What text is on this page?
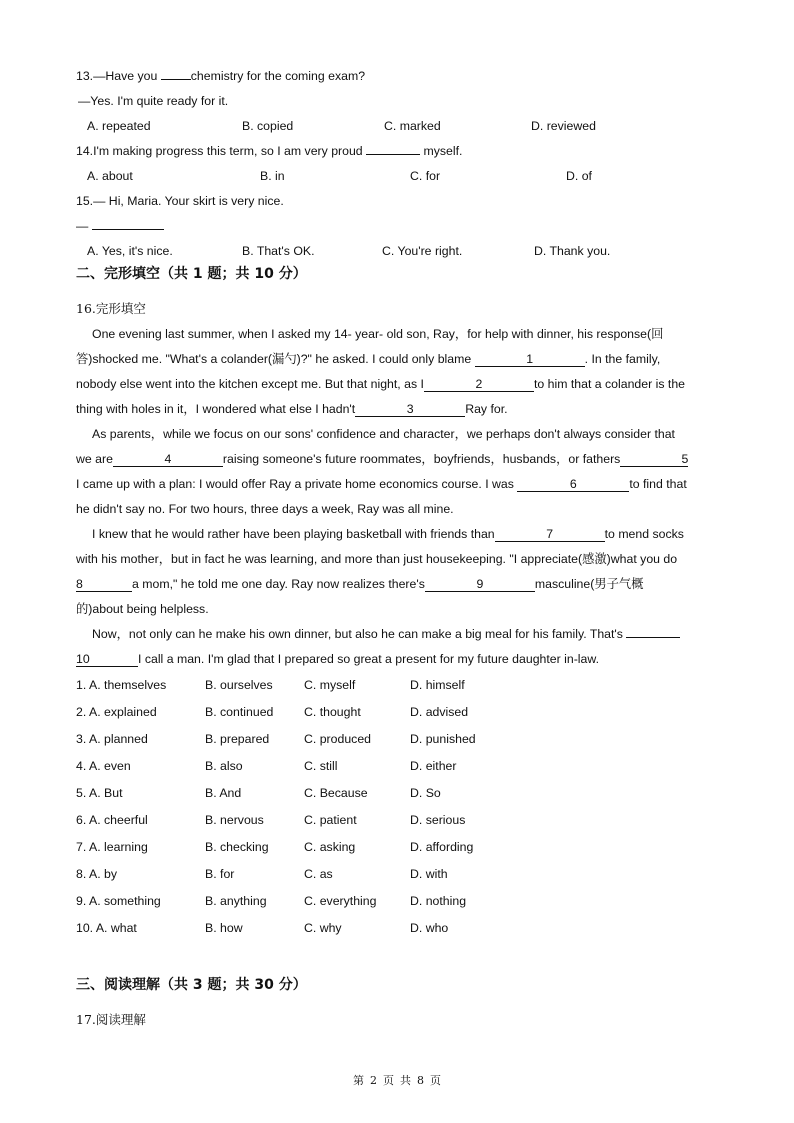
13.—Have you chemistry for the coming exam?
—Yes. I'm quite ready for it.
A. repeated	B. copied	C. marked	D. reviewed
14.I'm making progress this term, so I am very proud	myself.
A. about	B. in	C. for	D. of
15.— Hi, Maria. Your skirt is very nice.
—
A. Yes, it's nice.	B. That's OK.	C. You're right.	D. Thank you.
二、完形填空（共 1 题；共 10 分）
16.完形填空
One evening last summer, when I asked my 14- year- old son, Ray，for help with dinner, his response(回
答)shocked me. "What's a colander(漏勺)?" he asked. I could only blame	1	. In the family,
nobody else went into the kitchen except me. But that night, as I	2	to him that a colander is the
thing with holes in it，I wondered what else I hadn't	3	Ray for.
As parents，while we focus on our sons' confidence and character，we perhaps don't always consider that
we are	4	raising someone's future roommates，boyfriends，husbands，or fathers	5
I came up with a plan: I would offer Ray a private home economics course. I was	6	to find that
he didn't say no. For two hours, three days a week, Ray was all mine.
I knew that he would rather have been playing basketball with friends than	7	to mend socks
with his mother，but in fact he was learning, and more than just housekeeping. "I appreciate(感激)what you do
8	a mom," he told me one day. Ray now realizes there's	9	masculine(男子气概
的)about being helpless.
Now，not only can he make his own dinner, but also he can make a big meal for his family. That's
10	I call a man. I'm glad that I prepared so great a present for my future daughter in-law.
1. A. themselves	B. ourselves	C. myself	D. himself
2. A. explained	B. continued C. thought	D. advised
3. A. planned	B. prepared	C. produced	D. punished
4. A. even	B. also	C. still	D. either
5. A. But	B. And	C. Because	D. So
6. A. cheerful	B. nervous	C. patient	D. serious
7. A. learning	B. checking	C. asking	D. affording
8. A. by	B. for	C. as	D. with
9. A. something	B. anything	C. everything	D. nothing
10. A. what	B. how	C. why	D. who
三、阅读理解（共 3 题；共 30 分）
17.阅读理解
第 2 页 共 8 页
